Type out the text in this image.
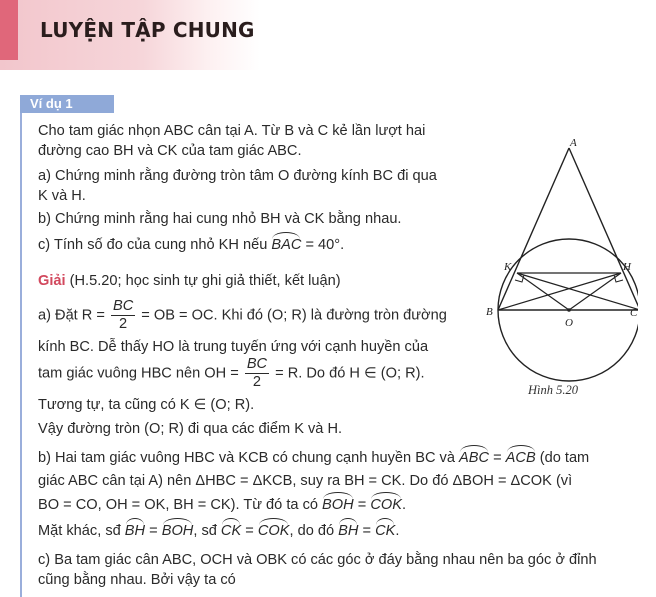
LUYỆN TẬP CHUNG
Ví dụ 1
Cho tam giác nhọn ABC cân tại A. Từ B và C kẻ lần lượt hai
đường cao BH và CK của tam giác ABC.
a) Chứng minh rằng đường tròn tâm O đường kính BC đi qua
K và H.
b) Chứng minh rằng hai cung nhỏ BH và CK bằng nhau.
c) Tính số đo của cung nhỏ KH nếu BAC = 40°.
Giải (H.5.20; học sinh tự ghi giả thiết, kết luận)
a) Đặt $R = \frac{BC}{2}$ = OB = OC. Khi đó (O; R) là đường tròn đường
kính BC. Dễ thấy HO là trung tuyến ứng với cạnh huyền của
tam giác vuông HBC nên OH = $\frac{BC}{2} = R$. Do đó H ∈ (O; R).
Tương tự, ta cũng có K ∈ (O; R).
Vậy đường tròn (O; R) đi qua các điểm K và H.
b) Hai tam giác vuông HBC và KCB có chung cạnh huyền BC và ABC = ACB (do tam
giác ABC cân tại A) nên ΔHBC = ΔKCB, suy ra BH = CK. Do đó ΔBOH = ΔCOK (vì
BO = CO, OH = OK, BH = CK). Từ đó ta có BOH = COK.
Mặt khác, sđ BH = BOH, sđ CK = COK, do đó BH = CK.
c) Ba tam giác cân ABC, OCH và OBK có các góc ở đáy bằng nhau nên ba góc ở đỉnh
cũng bằng nhau. Bởi vậy ta có
A
K	H
B	C
O
Hình 5.20
